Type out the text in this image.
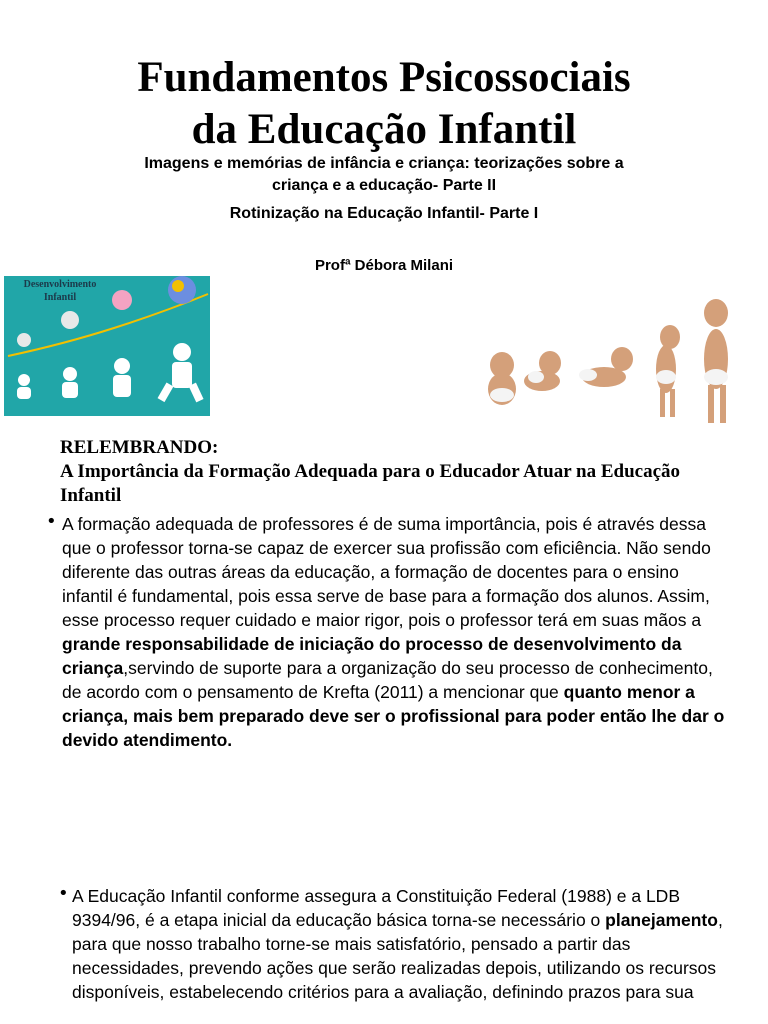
Fundamentos Psicossociais
da Educação Infantil
Imagens e memórias de infância e criança: teorizações sobre a criança e a educação- Parte II
Rotinização na Educação Infantil- Parte I
Profª Débora Milani
Desenvolvimento Infantil
RELEMBRANDO:
A Importância da Formação Adequada para o Educador Atuar na Educação Infantil
• A formação adequada de professores é de suma importância, pois é através dessa que o professor torna-se capaz de exercer sua profissão com eficiência. Não sendo diferente das outras áreas da educação, a formação de docentes para o ensino infantil é fundamental, pois essa serve de base para a formação dos alunos. Assim, esse processo requer cuidado e maior rigor, pois o professor terá em suas mãos a grande responsabilidade de iniciação do processo de desenvolvimento da criança,servindo de suporte para a organização do seu processo de conhecimento, de acordo com o pensamento de Krefta (2011) a mencionar que quanto menor a criança, mais bem preparado deve ser o profissional para poder então lhe dar o devido atendimento.
• A Educação Infantil conforme assegura a Constituição Federal (1988) e a LDB 9394/96, é a etapa inicial da educação básica torna-se necessário o planejamento, para que nosso trabalho torne-se mais satisfatório, pensado a partir das necessidades, prevendo ações que serão realizadas depois, utilizando os recursos disponíveis, estabelecendo critérios para a avaliação, definindo prazos para sua
